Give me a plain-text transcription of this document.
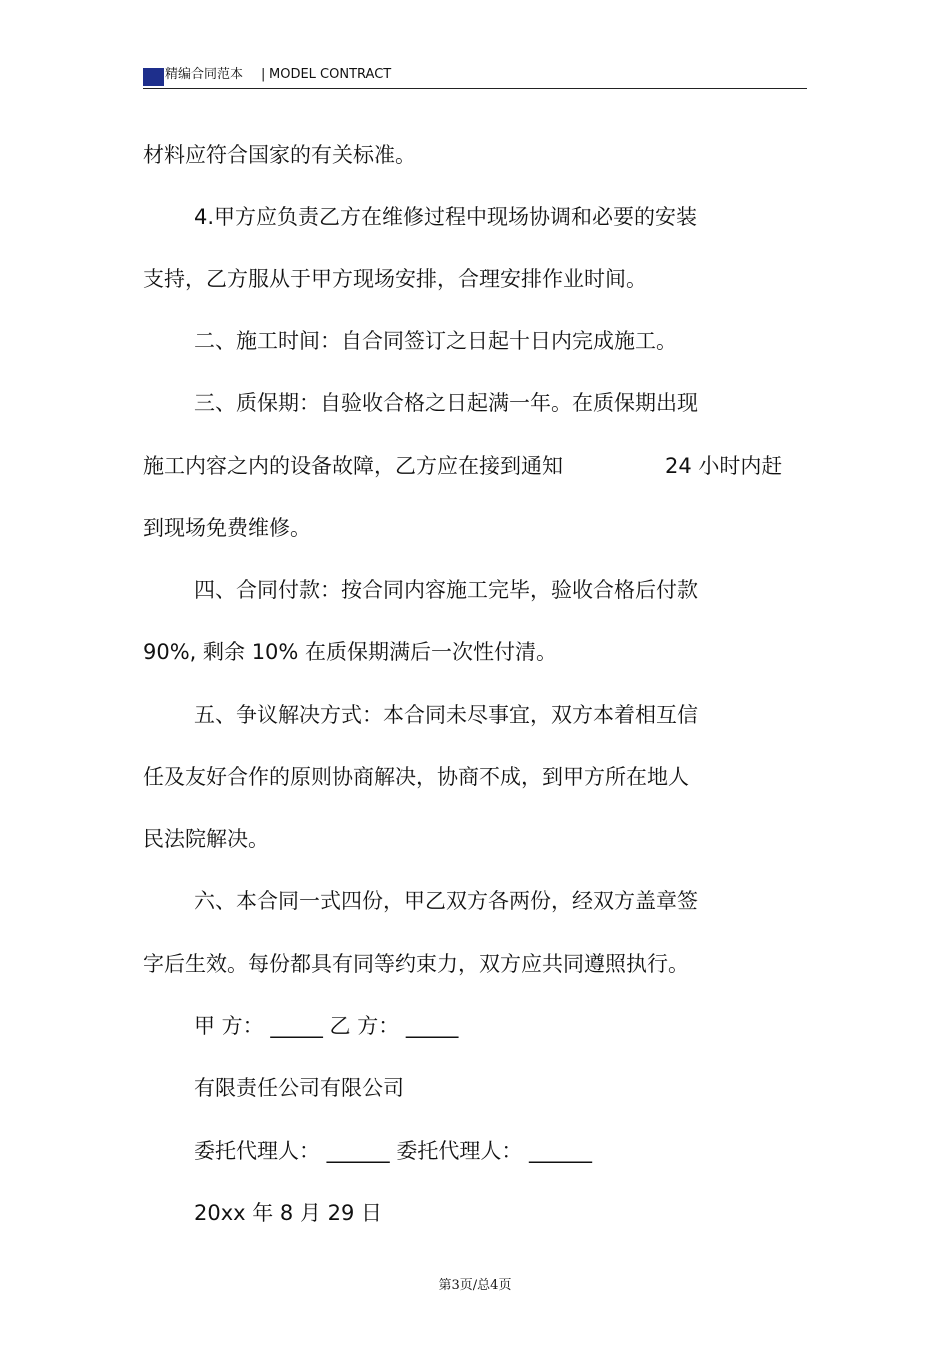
精编合同范本 | MODEL CONTRACT
材料应符合国家的有关标准。
4.甲方应负责乙方在维修过程中现场协调和必要的安装
支持，乙方服从于甲方现场安排，合理安排作业时间。
二、施工时间：自合同签订之日起十日内完成施工。
三、质保期：自验收合格之日起满一年。在质保期出现
施工内容之内的设备故障，乙方应在接到通知	24 小时内赶
到现场免费维修。
四、合同付款：按合同内容施工完毕，验收合格后付款
90%, 剩余 10% 在质保期满后一次性付清。
五、争议解决方式：本合同未尽事宜，双方本着相互信
任及友好合作的原则协商解决，协商不成，到甲方所在地人
民法院解决。
六、本合同一式四份，甲乙双方各两份，经双方盖章签
字后生效。每份都具有同等约束力，双方应共同遵照执行。
甲 方： _____ 乙 方： _____
有限责任公司有限公司
委托代理人： ______ 委托代理人： ______
20xx 年 8 月 29 日
第3页/总4页
